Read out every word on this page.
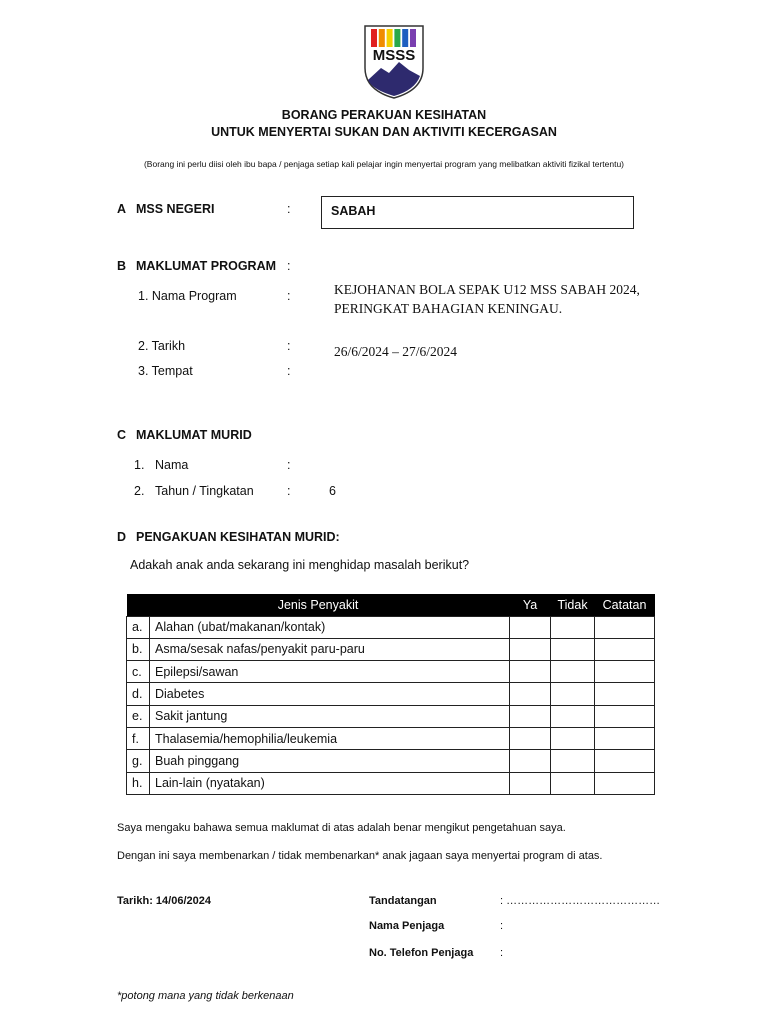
MSSS
BORANG PERAKUAN KESIHATAN
UNTUK MENYERTAI SUKAN DAN AKTIVITI KECERGASAN
(Borang ini perlu diisi oleh ibu bapa / penjaga setiap kali pelajar ingin menyertai program yang melibatkan aktiviti fizikal tertentu)
A MSS NEGERI	:	SABAH
B MAKLUMAT PROGRAM :
1. Nama Program	:	KEJOHANAN BOLA SEPAK U12 MSS SABAH 2024,
PERINGKAT BAHAGIAN KENINGAU.
2. Tarikh	:	26/6/2024 – 27/6/2024
3. Tempat	:
C MAKLUMAT MURID
1. Nama	:
2. Tahun / Tingkatan	:	6
D PENGAKUAN KESIHATAN MURID:
Adakah anak anda sekarang ini menghidap masalah berikut?
Jenis Penyakit		Ya	Tidak	Catatan
a.	Alahan (ubat/makanan/kontak)			
b.	Asma/sesak nafas/penyakit paru-paru			
c.	Epilepsi/sawan			
d.	Diabetes			
e.	Sakit jantung			
f.	Thalasemia/hemophilia/leukemia			
g.	Buah pinggang			
h.	Lain-lain (nyatakan)			
Saya mengaku bahawa semua maklumat di atas adalah benar mengikut pengetahuan saya.
Dengan ini saya membenarkan / tidak membenarkan* anak jagaan saya menyertai program di atas.
Tarikh: 14/06/2024	Tandatangan	: ……………………………………
Nama Penjaga	:
No. Telefon Penjaga :
*potong mana yang tidak berkenaan
